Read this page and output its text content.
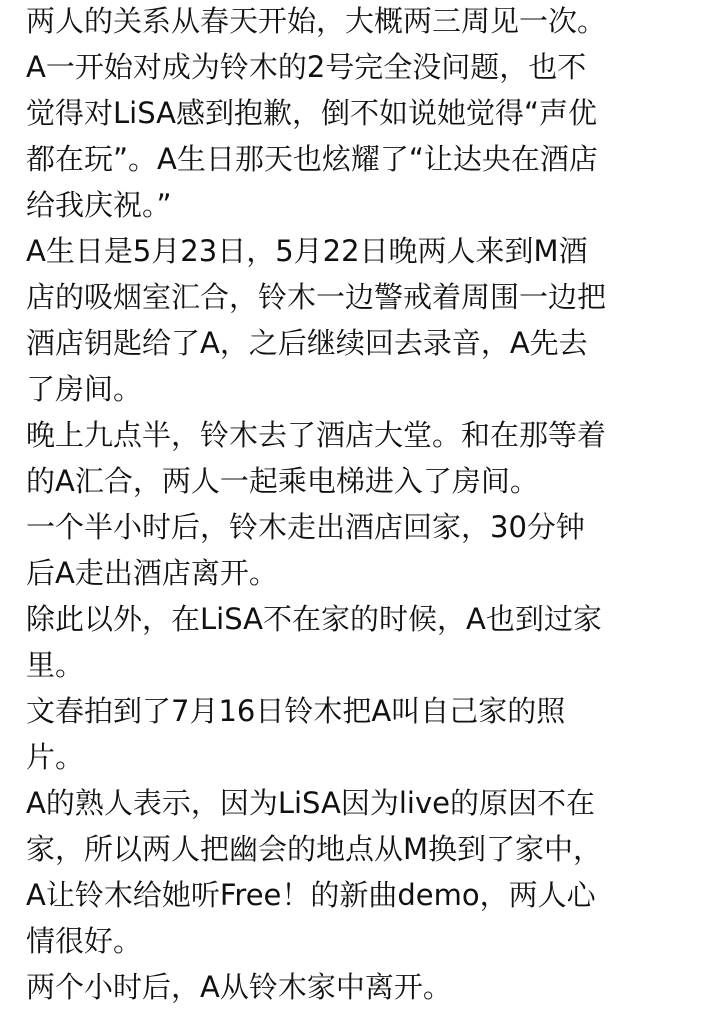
两人的关系从春天开始，大概两三周见一次。
A一开始对成为铃木的2号完全没问题，也不
觉得对LiSA感到抱歉，倒不如说她觉得“声优
都在玩”。A生日那天也炫耀了“让达央在酒店
给我庆祝。”
A生日是5月23日，5月22日晚两人来到M酒
店的吸烟室汇合，铃木一边警戒着周围一边把
酒店钥匙给了A，之后继续回去录音，A先去
了房间。
晚上九点半，铃木去了酒店大堂。和在那等着
的A汇合，两人一起乘电梯进入了房间。
一个半小时后，铃木走出酒店回家，30分钟
后A走出酒店离开。
除此以外，在LiSA不在家的时候，A也到过家
里。
文春拍到了7月16日铃木把A叫自己家的照
片。
A的熟人表示，因为LiSA因为live的原因不在
家，所以两人把幽会的地点从M换到了家中，
A让铃木给她听Free！的新曲demo，两人心
情很好。
两个小时后，A从铃木家中离开。
